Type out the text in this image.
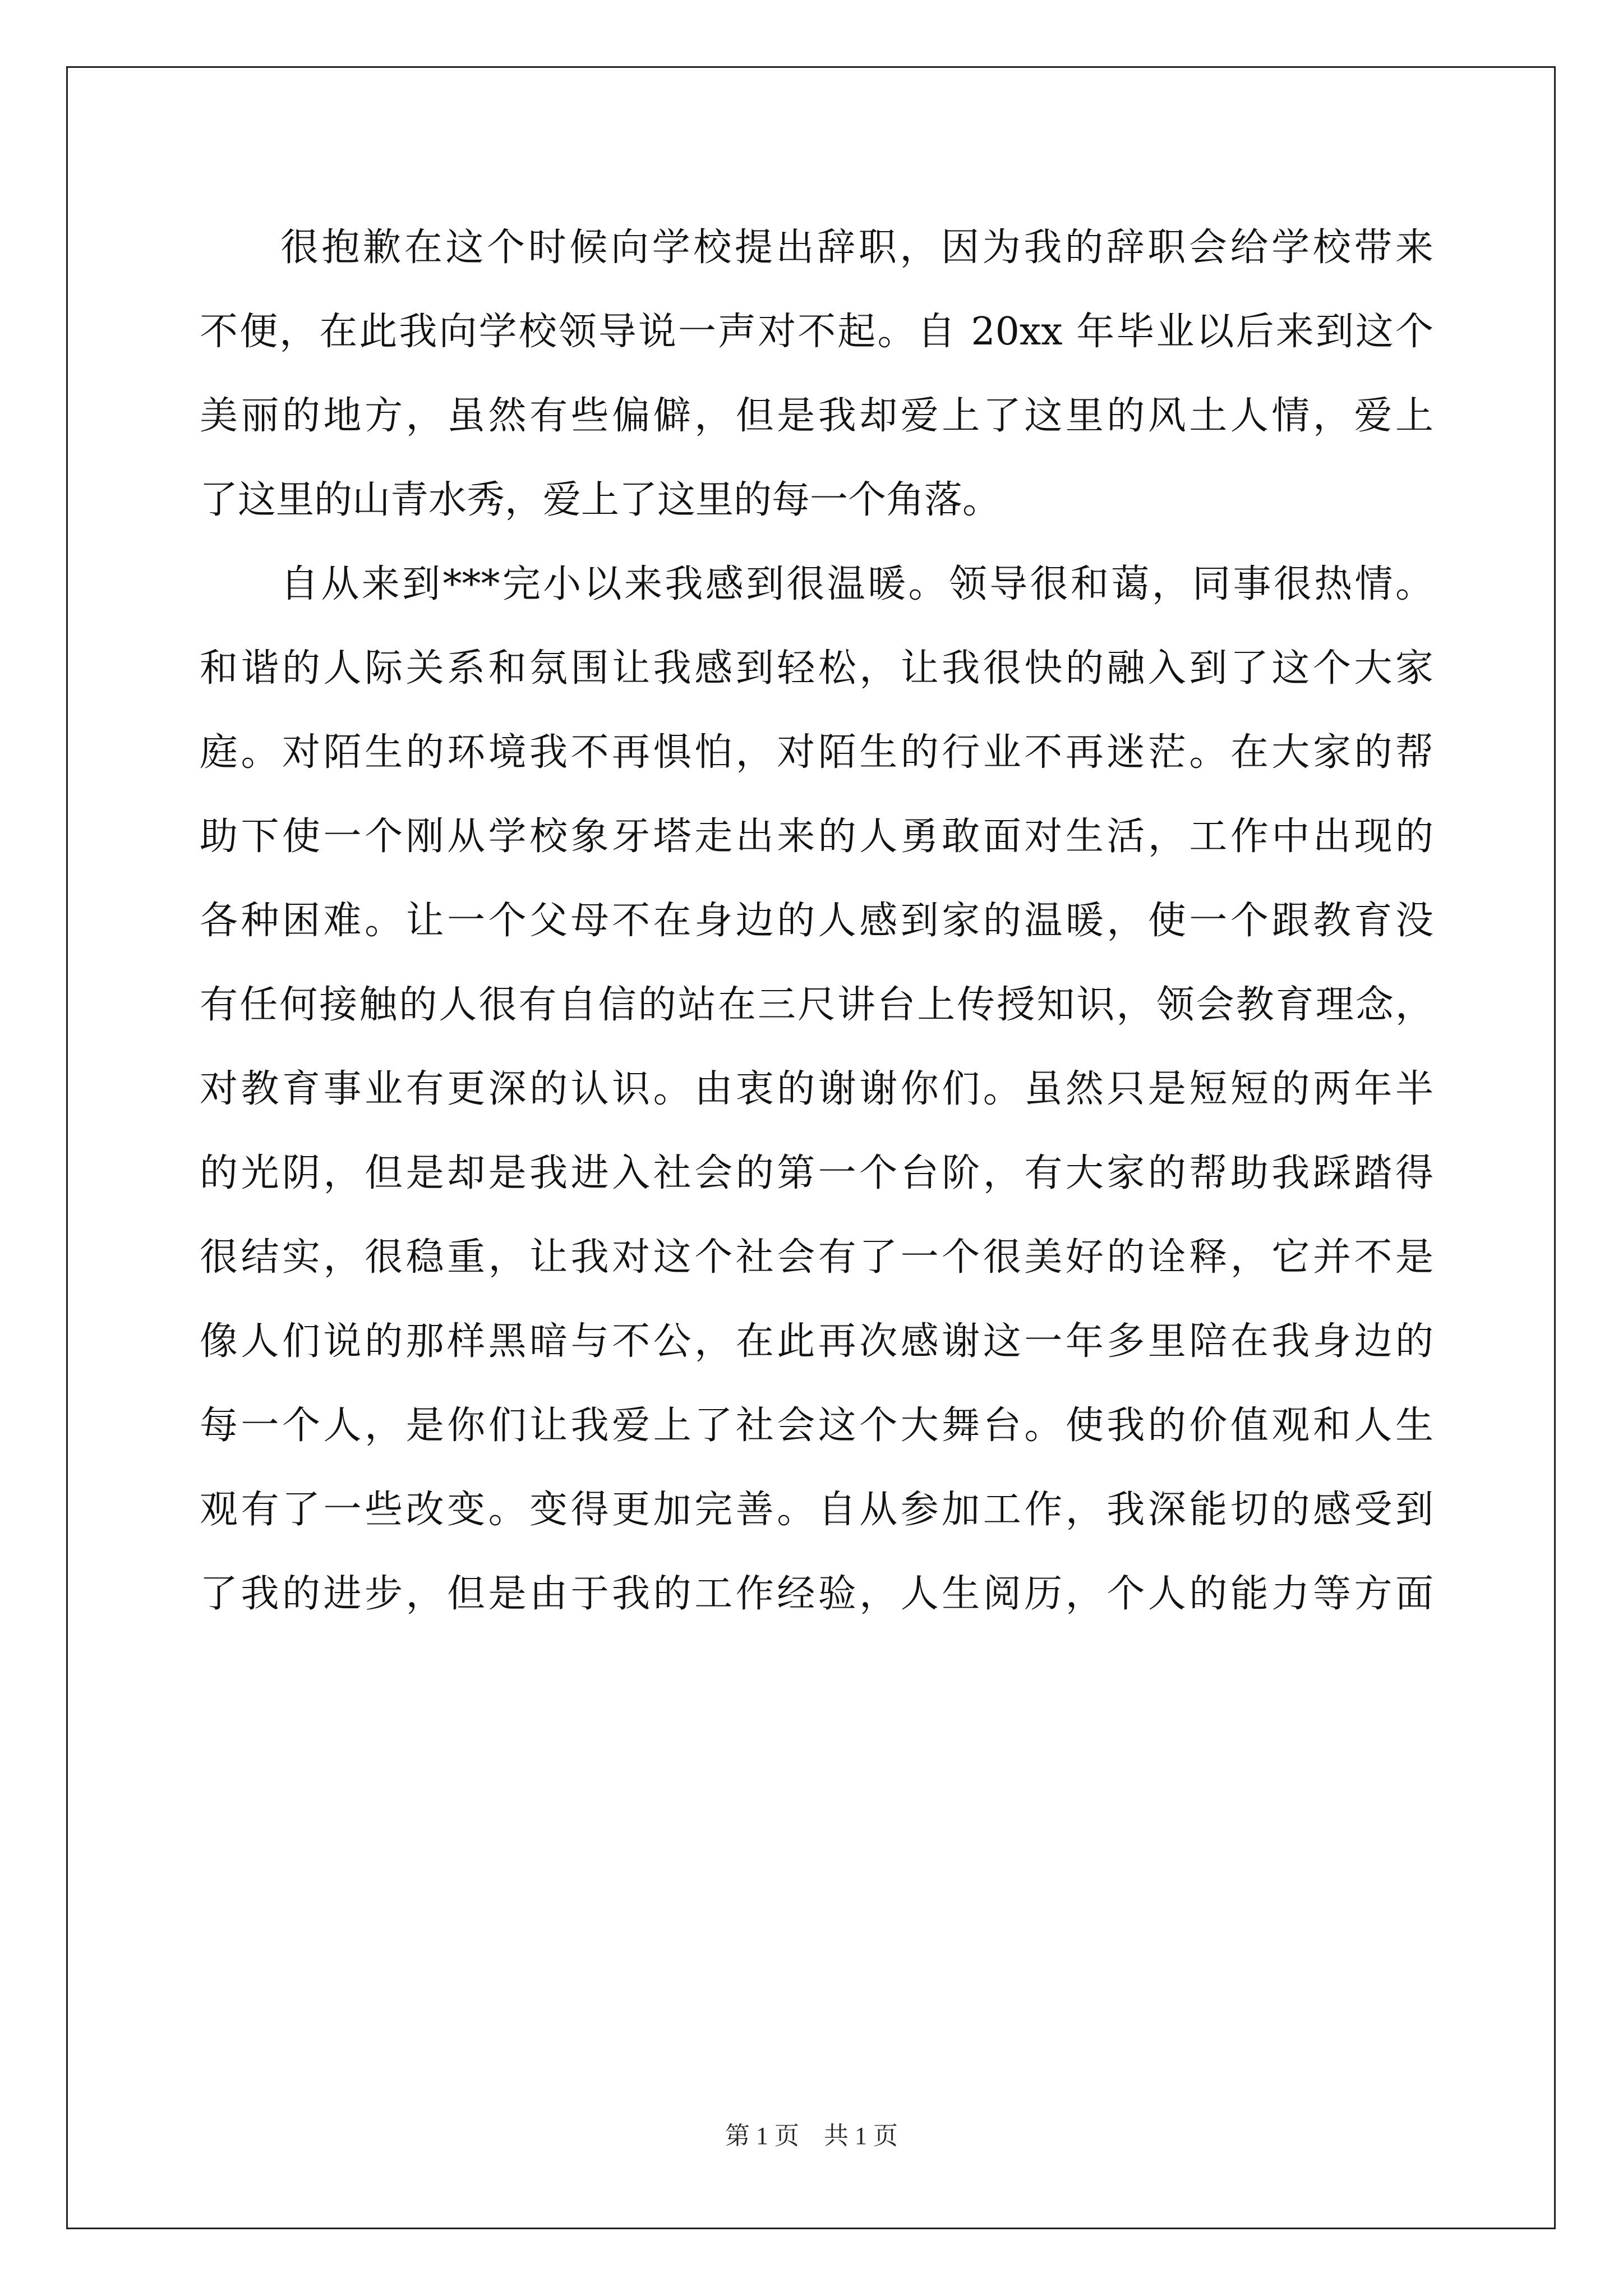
很抱歉在这个时候向学校提出辞职，因为我的辞职会给学校带来
不便，在此我向学校领导说一声对不起。自 20xx 年毕业以后来到这个
美丽的地方，虽然有些偏僻，但是我却爱上了这里的风土人情，爱上
了这里的山青水秀，爱上了这里的每一个角落。
自从来到***完小以来我感到很温暖。领导很和蔼，同事很热情。
和谐的人际关系和氛围让我感到轻松，让我很快的融入到了这个大家
庭。对陌生的环境我不再惧怕，对陌生的行业不再迷茫。在大家的帮
助下使一个刚从学校象牙塔走出来的人勇敢面对生活，工作中出现的
各种困难。让一个父母不在身边的人感到家的温暖，使一个跟教育没
有任何接触的人很有自信的站在三尺讲台上传授知识，领会教育理念，
对教育事业有更深的认识。由衷的谢谢你们。虽然只是短短的两年半
的光阴，但是却是我进入社会的第一个台阶，有大家的帮助我踩踏得
很结实，很稳重，让我对这个社会有了一个很美好的诠释，它并不是
像人们说的那样黑暗与不公，在此再次感谢这一年多里陪在我身边的
每一个人，是你们让我爱上了社会这个大舞台。使我的价值观和人生
观有了一些改变。变得更加完善。自从参加工作，我深能切的感受到
了我的进步，但是由于我的工作经验，人生阅历，个人的能力等方面
第 1 页　共 1 页
